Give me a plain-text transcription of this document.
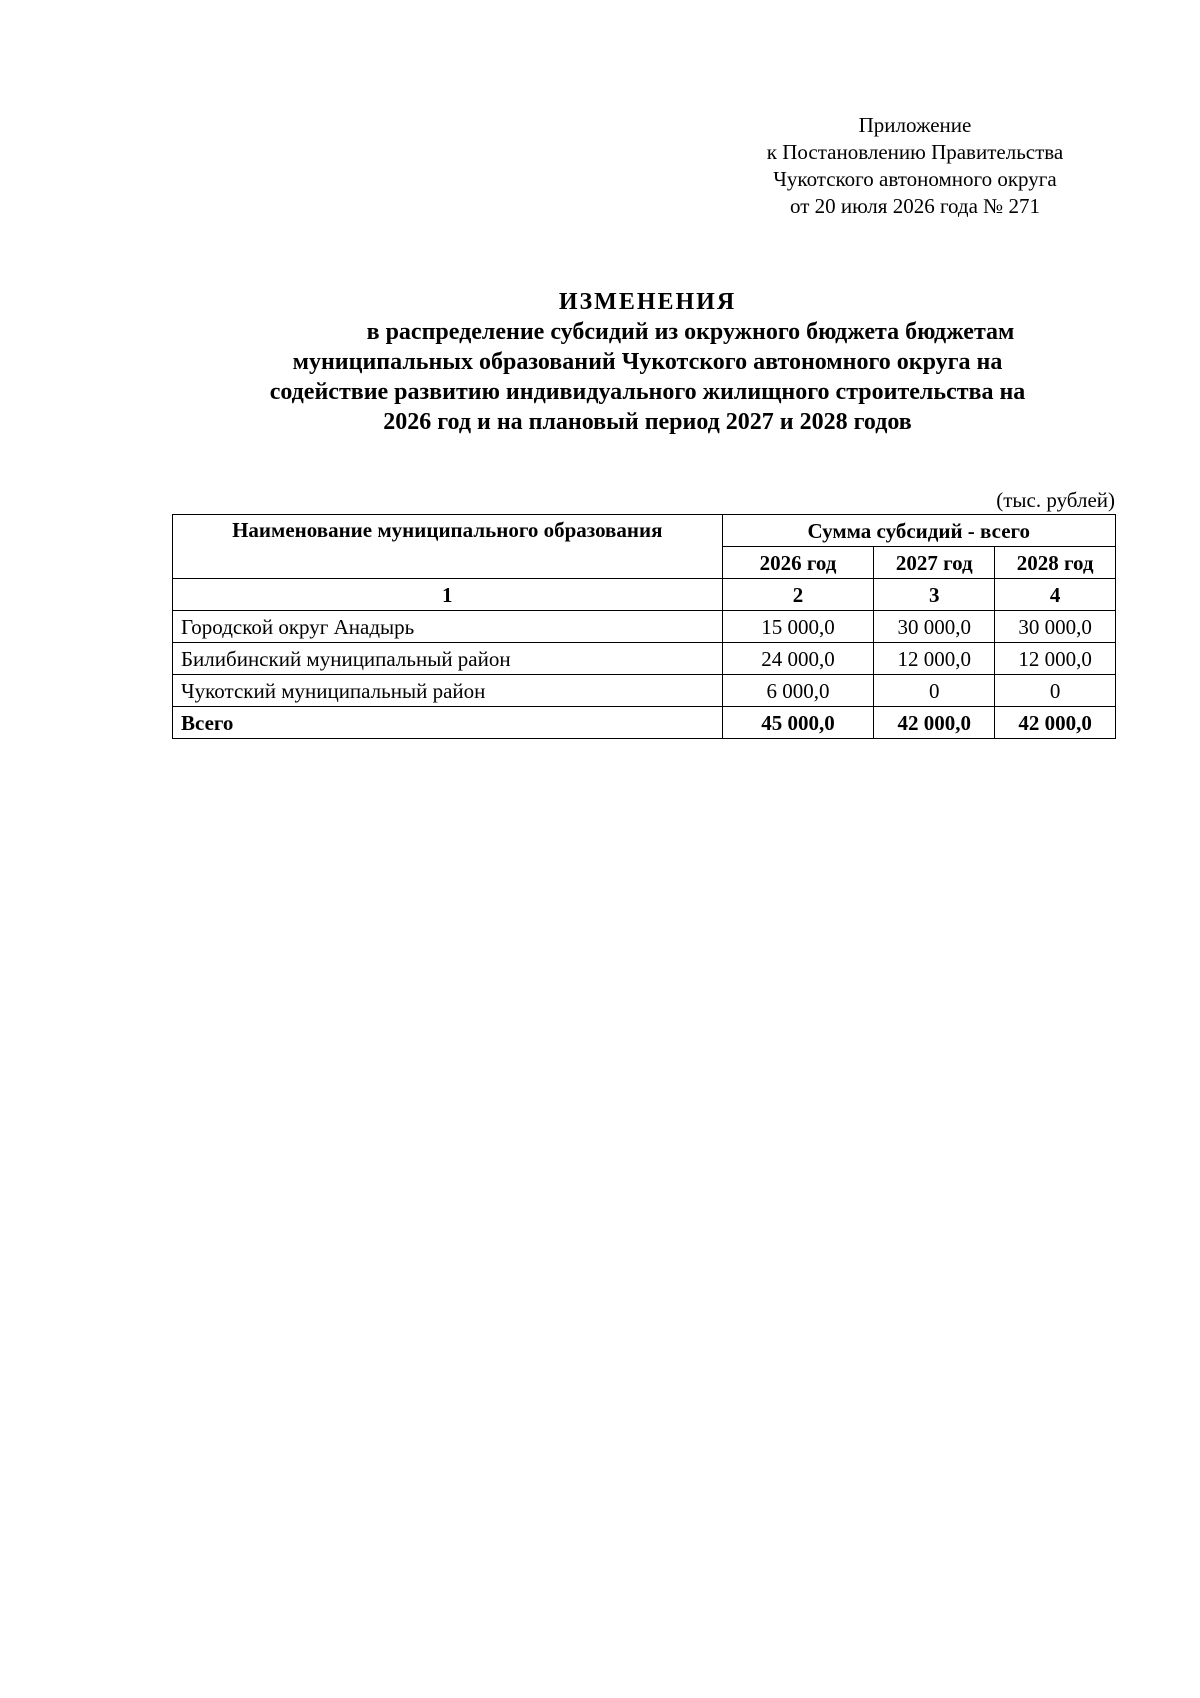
Приложение
к Постановлению Правительства
Чукотского автономного округа
от 20 июля 2026 года № 271
ИЗМЕНЕНИЯ
в распределение субсидий из окружного бюджета бюджетам
муниципальных образований Чукотского автономного округа на
содействие развитию индивидуального жилищного строительства на
2026 год и на плановый период 2027 и 2028 годов
(тыс. рублей)
Наименование муниципального образования	Сумма субсидий - всего		
	2026 год	2027 год	2028 год
1	2	3	4
Городской округ Анадырь	15 000,0	30 000,0	30 000,0
Билибинский муниципальный район	24 000,0	12 000,0	12 000,0
Чукотский муниципальный район	6 000,0	0	0
Всего	45 000,0	42 000,0	42 000,0
